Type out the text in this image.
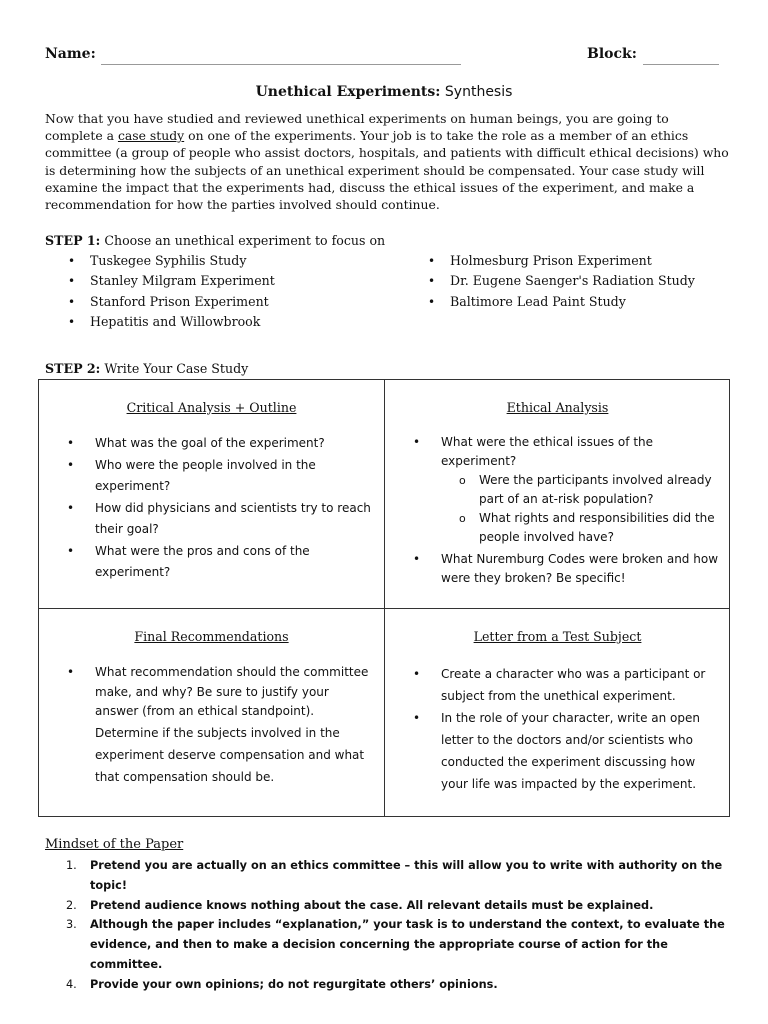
Name:	Block:
Unethical Experiments: Synthesis

Now that you have studied and reviewed unethical experiments on human beings, you are going to complete a case study on one of the experiments. Your job is to take the role as a member of an ethics committee (a group of people who assist doctors, hospitals, and patients with difficult ethical decisions) who is determining how the subjects of an unethical experiment should be compensated. Your case study will examine the impact that the experiments had, discuss the ethical issues of the experiment, and make a recommendation for how the parties involved should continue.

STEP 1: Choose an unethical experiment to focus on
• Tuskegee Syphilis Study
• Stanley Milgram Experiment
• Stanford Prison Experiment
• Hepatitis and Willowbrook
• Holmesburg Prison Experiment
• Dr. Eugene Saenger's Radiation Study
• Baltimore Lead Paint Study
STEP 2: Write Your Case Study
Critical Analysis + Outline
• What was the goal of the experiment?
• Who were the people involved in the experiment?
• How did physicians and scientists try to reach their goal?
• What were the pros and cons of the experiment?
Ethical Analysis
• What were the ethical issues of the experiment?
o Were the participants involved already part of an at-risk population?
o What rights and responsibilities did the people involved have?
• What Nuremburg Codes were broken and how were they broken? Be specific!
Final Recommendations
• What recommendation should the committee make, and why? Be sure to justify your answer (from an ethical standpoint).
Determine if the subjects involved in the experiment deserve compensation and what that compensation should be.
Letter from a Test Subject
• Create a character who was a participant or subject from the unethical experiment.
• In the role of your character, write an open letter to the doctors and/or scientists who conducted the experiment discussing how your life was impacted by the experiment.
Mindset of the Paper
1. Pretend you are actually on an ethics committee – this will allow you to write with authority on the topic!
2. Pretend audience knows nothing about the case. All relevant details must be explained.
3. Although the paper includes “explanation,” your task is to understand the context, to evaluate the evidence, and then to make a decision concerning the appropriate course of action for the committee.
4. Provide your own opinions; do not regurgitate others’ opinions.
